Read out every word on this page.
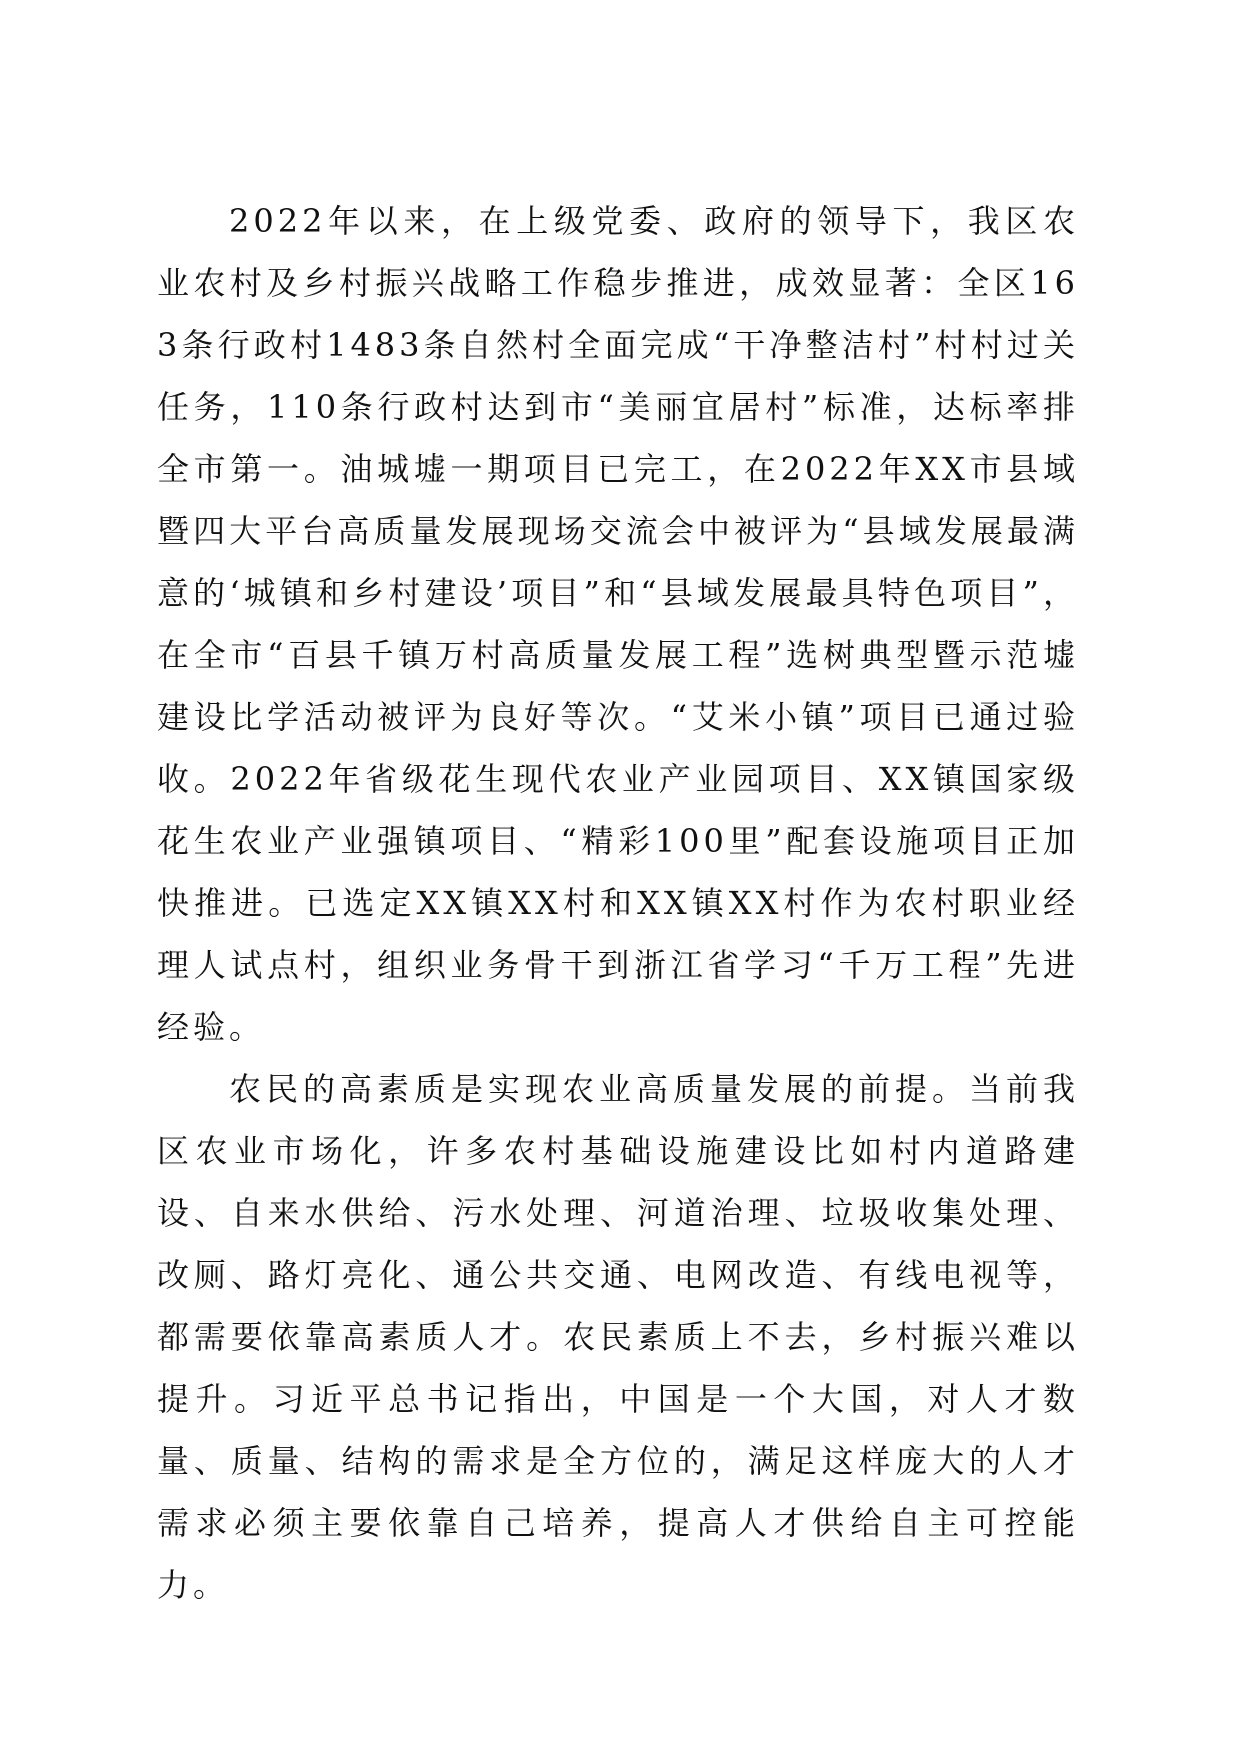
2022年以来，在上级党委、政府的领导下，我区农业农村及乡村振兴战略工作稳步推进，成效显著：全区163条行政村1483条自然村全面完成“干净整洁村”村村过关任务，110条行政村达到市“美丽宜居村”标准，达标率排全市第一。油城墟一期项目已完工，在2022年XX市县域暨四大平台高质量发展现场交流会中被评为“县域发展最满意的‘城镇和乡村建设’项目”和“县域发展最具特色项目”，在全市“百县千镇万村高质量发展工程”选树典型暨示范墟建设比学活动被评为良好等次。“艾米小镇”项目已通过验收。2022年省级花生现代农业产业园项目、XX镇国家级花生农业产业强镇项目、“精彩100里”配套设施项目正加快推进。已选定XX镇XX村和XX镇XX村作为农村职业经理人试点村，组织业务骨干到浙江省学习“千万工程”先进经验。

农民的高素质是实现农业高质量发展的前提。当前我区农业市场化，许多农村基础设施建设比如村内道路建设、自来水供给、污水处理、河道治理、垃圾收集处理、改厕、路灯亮化、通公共交通、电网改造、有线电视等，都需要依靠高素质人才。农民素质上不去，乡村振兴难以提升。习近平总书记指出，中国是一个大国，对人才数量、质量、结构的需求是全方位的，满足这样庞大的人才需求必须主要依靠自己培养，提高人才供给自主可控能力。
